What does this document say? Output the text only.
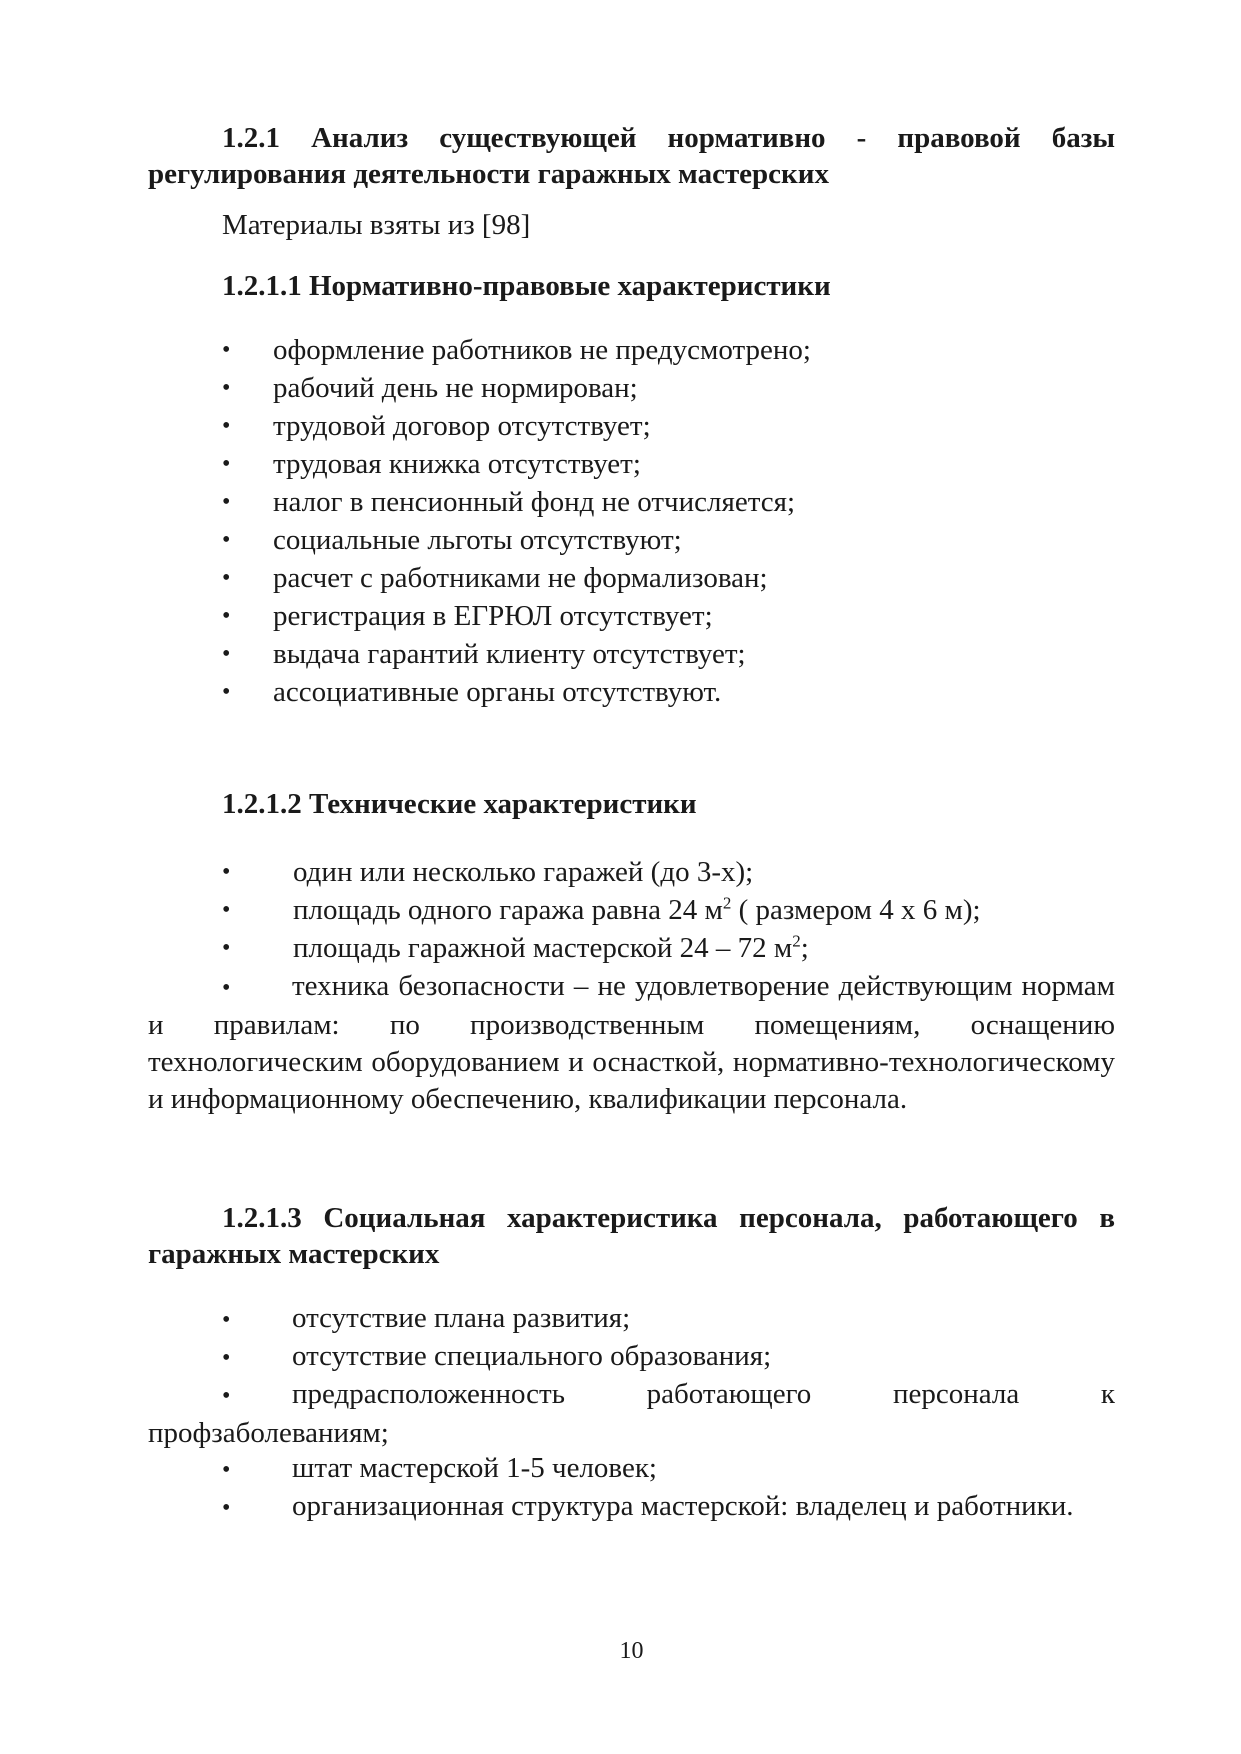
1.2.1 Анализ существующей нормативно - правовой базы регулирования деятельности гаражных мастерских

Материалы взяты из [98]

1.2.1.1 Нормативно-правовые характеристики

• оформление работников не предусмотрено;
• рабочий день не нормирован;
• трудовой договор отсутствует;
• трудовая книжка отсутствует;
• налог в пенсионный фонд не отчисляется;
• социальные льготы отсутствуют;
• расчет с работниками не формализован;
• регистрация в ЕГРЮЛ отсутствует;
• выдача гарантий клиенту отсутствует;
• ассоциативные органы отсутствуют.

1.2.1.2 Технические характеристики

• один или несколько гаражей (до 3-х);
• площадь одного гаража равна 24 $м^2$ ( размером 4 х 6 м);
• площадь гаражной мастерской 24 – 72 $м^2$;

• техника безопасности – не удовлетворение действующим нормам и правилам: по производственным помещениям, оснащению технологическим оборудованием и оснасткой, нормативно-технологическому и информационному обеспечению, квалификации персонала.

1.2.1.3 Социальная характеристика персонала, работающего в гаражных мастерских

• отсутствие плана развития;

• отсутствие специального образования;

• предрасположенность работающего персонала к профзаболеваниям;

• штат мастерской 1-5 человек;

• организационная структура мастерской: владелец и работники.

10
